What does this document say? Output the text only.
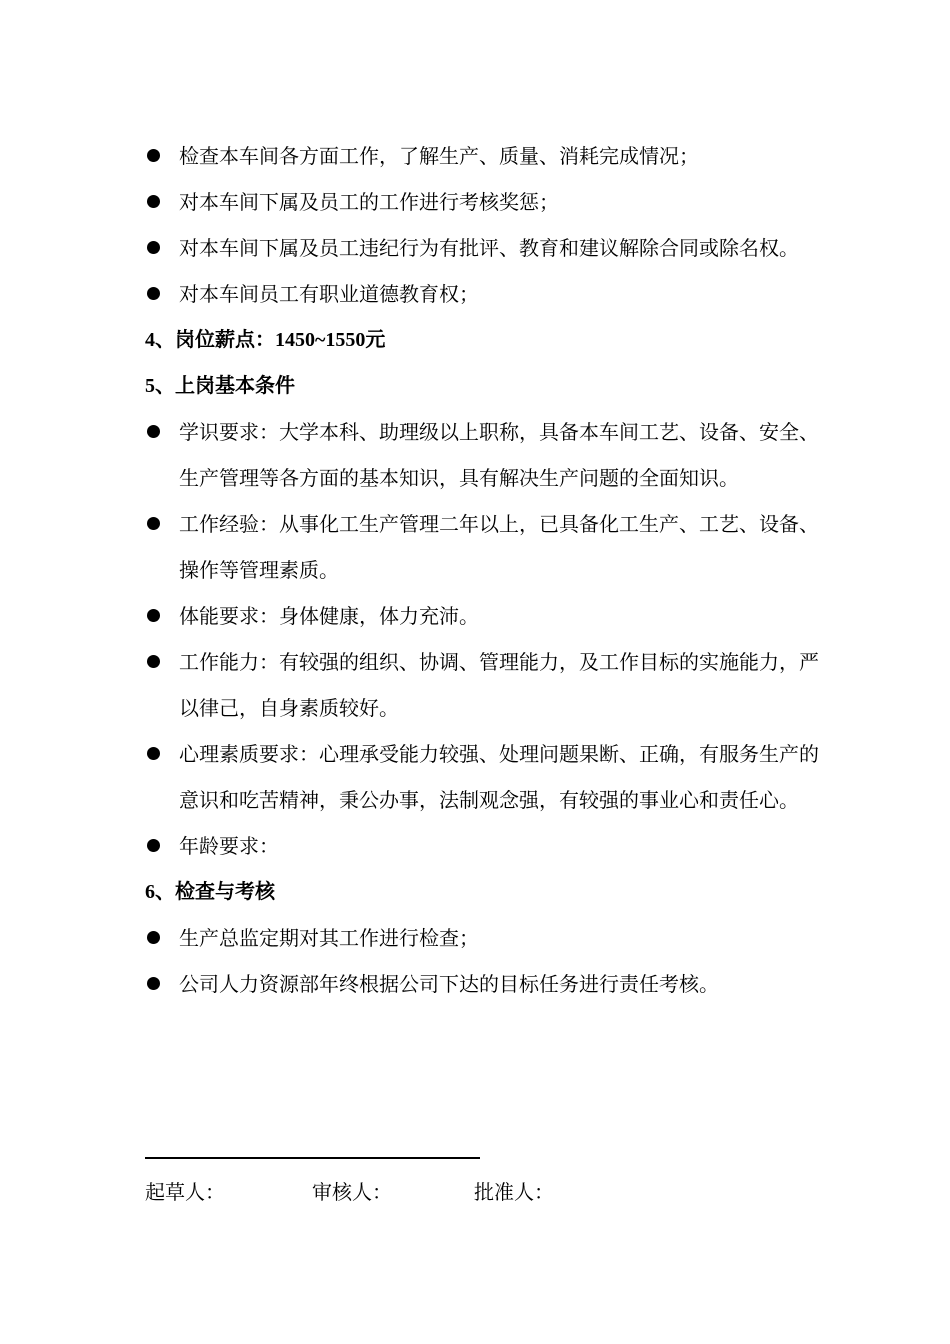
检查本车间各方面工作，了解生产、质量、消耗完成情况；

对本车间下属及员工的工作进行考核奖惩；

对本车间下属及员工违纪行为有批评、教育和建议解除合同或除名权。

对本车间员工有职业道德教育权；

4、岗位薪点：1450~1550元

5、上岗基本条件

学识要求：大学本科、助理级以上职称，具备本车间工艺、设备、安全、生产管理等各方面的基本知识，具有解决生产问题的全面知识。

工作经验：从事化工生产管理二年以上，已具备化工生产、工艺、设备、操作等管理素质。

体能要求：身体健康，体力充沛。

工作能力：有较强的组织、协调、管理能力，及工作目标的实施能力，严以律己，自身素质较好。

心理素质要求：心理承受能力较强、处理问题果断、正确，有服务生产的意识和吃苦精神，秉公办事，法制观念强，有较强的事业心和责任心。

年龄要求：

6、检查与考核

生产总监定期对其工作进行检查；

公司人力资源部年终根据公司下达的目标任务进行责任考核。

起草人：	审核人：	批准人：
